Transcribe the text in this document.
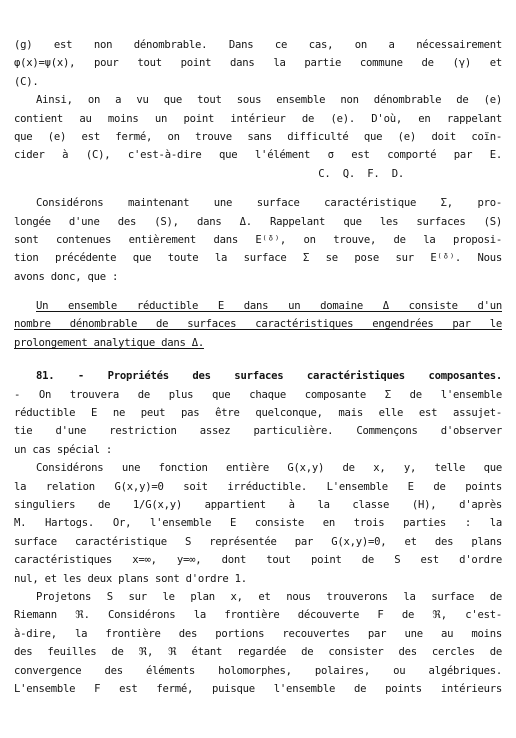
(g) est non dénombrable. Dans ce cas, on a nécessairement
φ(x)=ψ(x), pour tout point dans la partie commune de (γ) et
(C).
Ainsi, on a vu que tout sous ensemble non dénombrable de (e)
contient au moins un point intérieur de (e). D'où, en rappelant
que (e) est fermé, on trouve sans difficulté que (e) doit coïn-
cider à (C), c'est-à-dire que l'élément σ est comporté par E.
C.  Q.  F.  D.
Considérons maintenant une surface caractéristique Σ, pro-
longée d'une des (S), dans Δ. Rappelant que les surfaces (S)
sont contenues entièrement dans E⁽ᵟ⁾, on trouve, de la proposi-
tion précédente que toute la surface Σ se pose sur E⁽ᵟ⁾. Nous
avons donc, que :
Un ensemble réductible E dans un domaine Δ consiste d'un
nombre dénombrable de surfaces caractéristiques engendrées par le
prolongement analytique dans Δ.
81. - Propriétés des surfaces caractéristiques composantes.
- On trouvera de plus que chaque composante Σ de l'ensemble
réductible E ne peut pas être quelconque, mais elle est assujet-
tie d'une restriction assez particulière. Commençons d'observer
un cas spécial :
Considérons une fonction entière G(x,y) de x, y, telle que
la relation G(x,y)=0 soit irréductible. L'ensemble E de points
singuliers de 1/G(x,y) appartient à la classe (H), d'après
M. Hartogs. Or, l'ensemble E consiste en trois parties : la
surface caractéristique S représentée par G(x,y)=0, et des plans
caractéristiques x=∞, y=∞, dont tout point de S est d'ordre
nul, et les deux plans sont d'ordre 1.
Projetons S sur le plan x, et nous trouverons la surface de
Riemann ℜ. Considérons la frontière découverte F de ℜ, c'est-
à-dire, la frontière des portions recouvertes par une au moins
des feuilles de ℜ, ℜ étant regardée de consister des cercles de
convergence des éléments holomorphes, polaires, ou algébriques.
L'ensemble F est fermé, puisque l'ensemble de points intérieurs
